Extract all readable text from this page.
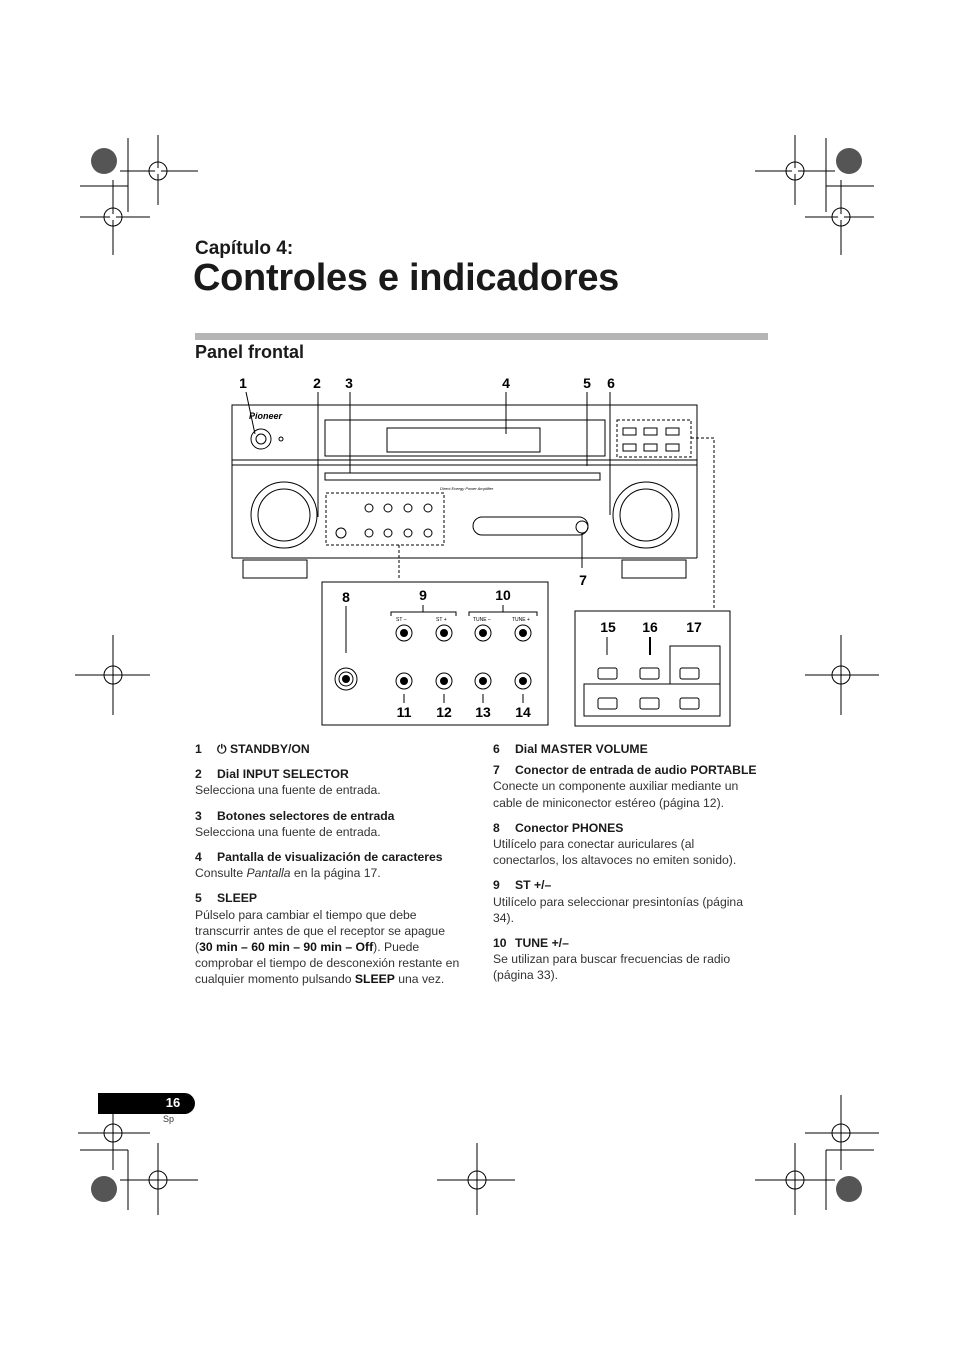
Capítulo 4:
Controles e indicadores
Panel frontal
1	2 3	4	5 6
7
8	9	10
11 12 13 14
15 16 17
Pioneer
Direct Energy Power Amplifier
ST –	ST +	TUNE –	TUNE +
1 ⏻ STANDBY/ON
2 Dial INPUT SELECTOR
Selecciona una fuente de entrada.
3 Botones selectores de entrada
Selecciona una fuente de entrada.
4 Pantalla de visualización de caracteres
Consulte Pantalla en la página 17.
5 SLEEP
Púlselo para cambiar el tiempo que debe transcurrir antes de que el receptor se apague (30 min – 60 min – 90 min – Off). Puede comprobar el tiempo de desconexión restante en cualquier momento pulsando SLEEP una vez.
6 Dial MASTER VOLUME
7 Conector de entrada de audio PORTABLE
Conecte un componente auxiliar mediante un cable de miniconector estéreo (página 12).
8 Conector PHONES
Utilícelo para conectar auriculares (al conectarlos, los altavoces no emiten sonido).
9 ST +/–
Utilícelo para seleccionar presintonías (página 34).
10 TUNE +/–
Se utilizan para buscar frecuencias de radio (página 33).
16
Sp
